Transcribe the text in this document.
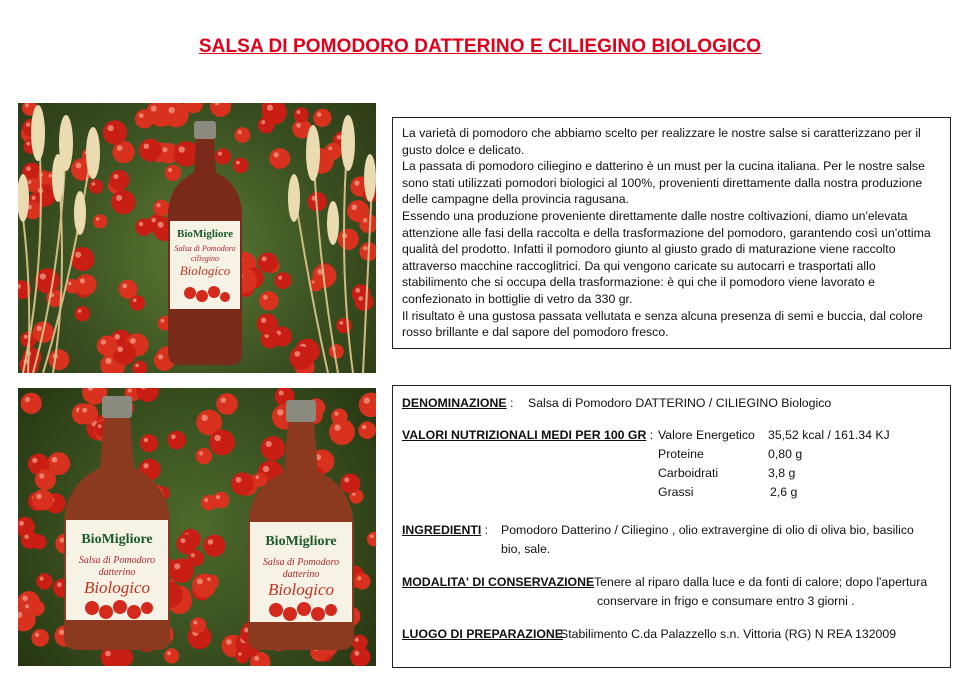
SALSA DI POMODORO DATTERINO E CILIEGINO BIOLOGICO
BioMigliore
Salsa di Pomodoro
ciliegino
Biologico
BioMigliore
Salsa di Pomodoro
datterino
Biologico
BioMigliore
Salsa di Pomodoro
datterino
Biologico

La varietà di pomodoro che abbiamo scelto per realizzare le nostre salse si caratterizzano per il gusto dolce e delicato.

La passata di pomodoro ciliegino e datterino è un must per la cucina italiana. Per le nostre salse sono stati utilizzati pomodori biologici al 100%, provenienti direttamente dalla nostra produzione delle campagne della provincia ragusana.

Essendo una produzione proveniente direttamente dalle nostre coltivazioni, diamo un'elevata attenzione alle fasi della raccolta e della trasformazione del pomodoro, garantendo così un'ottima qualità del prodotto. Infatti il pomodoro giunto al giusto grado di maturazione viene raccolto attraverso macchine raccoglitrici. Da qui vengono caricate su autocarri e trasportati allo stabilimento che si occupa della trasformazione: è qui che il pomodoro viene lavorato e confezionato in bottiglie di vetro da 330 gr.

Il risultato è una gustosa passata vellutata e senza alcuna presenza di semi e buccia, dal colore rosso brillante e dal sapore del pomodoro fresco.

DENOMINAZIONE : Salsa di Pomodoro DATTERINO / CILIEGINO Biologico
VALORI NUTRIZIONALI MEDI PER 100 GR : Valore Energetico 35,52 kcal / 161.34 KJ
Proteine	0,80 g
Carboidrati	3,8 g
Grassi	2,6 g
INGREDIENTI : Pomodoro Datterino / Ciliegino , olio extravergine di olio di oliva bio, basilico
bio, sale.
MODALITA' DI CONSERVAZIONE Tenere al riparo dalla luce e da fonti di calore; dopo l'apertura
conservare in frigo e consumare entro 3 giorni .
LUOGO DI PREPARAZIONE
Stabilimento C.da Palazzello s.n. Vittoria (RG) N REA 132009
